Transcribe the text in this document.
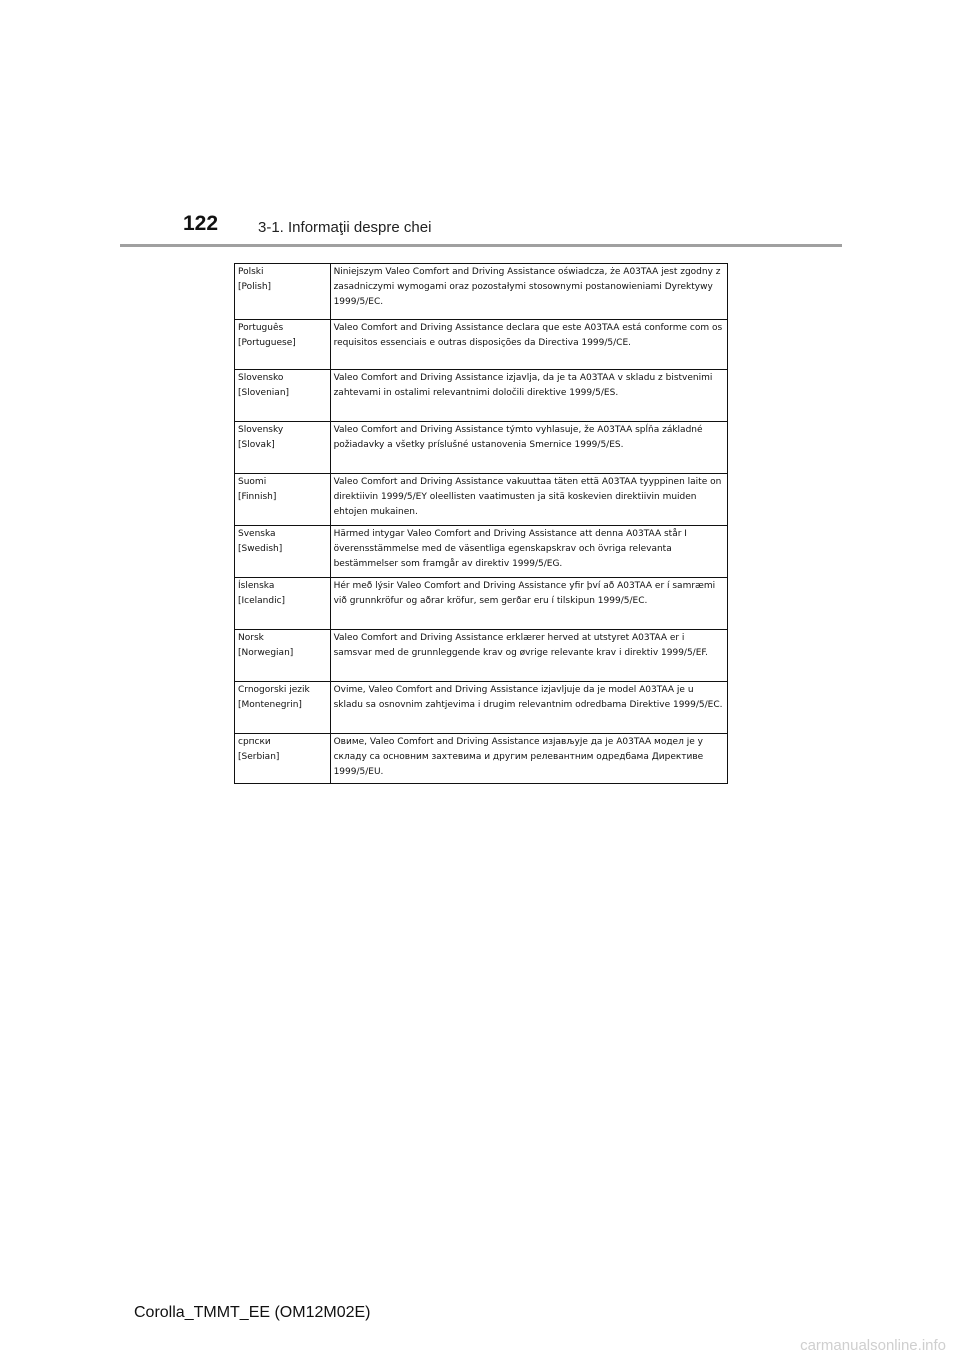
122	3-1. Informaţii despre chei
Polski
[Polish]	Niniejszym Valeo Comfort and Driving Assistance oświadcza, że A03TAA jest zgodny z zasadniczymi wymogami oraz pozostałymi stosownymi postanowieniami Dyrektywy 1999/5/EC.

Português
[Portuguese]	Valeo Comfort and Driving Assistance declara que este A03TAA está conforme com os requisitos essenciais e outras disposições da Directiva 1999/5/CE.

Slovensko
[Slovenian]	Valeo Comfort and Driving Assistance izjavlja, da je ta A03TAA v skladu z bistvenimi zahtevami in ostalimi relevantnimi določili direktive 1999/5/ES.

Slovensky
[Slovak]	Valeo Comfort and Driving Assistance týmto vyhlasuje, že A03TAA spĺňa základné požiadavky a všetky príslušné ustanovenia Smernice 1999/5/ES.

Suomi
[Finnish]	Valeo Comfort and Driving Assistance vakuuttaa täten että A03TAA tyyppinen laite on direktiivin 1999/5/EY oleellisten vaatimusten ja sitä koskevien direktiivin muiden ehtojen mukainen.

Svenska
[Swedish]	Härmed intygar Valeo Comfort and Driving Assistance att denna A03TAA står I överensstämmelse med de väsentliga egenskapskrav och övriga relevanta bestämmelser som framgår av direktiv 1999/5/EG.

Íslenska
[Icelandic]	Hér með lýsir Valeo Comfort and Driving Assistance yfir því að A03TAA er í samræmi við grunnkröfur og aðrar kröfur, sem gerðar eru í tilskipun 1999/5/EC.

Norsk
[Norwegian]	Valeo Comfort and Driving Assistance erklærer herved at utstyret A03TAA er i samsvar med de grunnleggende krav og øvrige relevante krav i direktiv 1999/5/EF.

Crnogorski jezik
[Montenegrin]	Ovime, Valeo Comfort and Driving Assistance izjavljuje da je model A03TAA je u skladu sa osnovnim zahtjevima i drugim relevantnim odredbama Direktive 1999/5/EC.

српски
[Serbian]	Овиме, Valeo Comfort and Driving Assistance изјављује да је A03TAA модел је у складу са основним захтевима и другим релевантним одредбама Директиве 1999/5/EU.
Corolla_TMMT_EE (OM12M02E)
carmanualsonline.info
